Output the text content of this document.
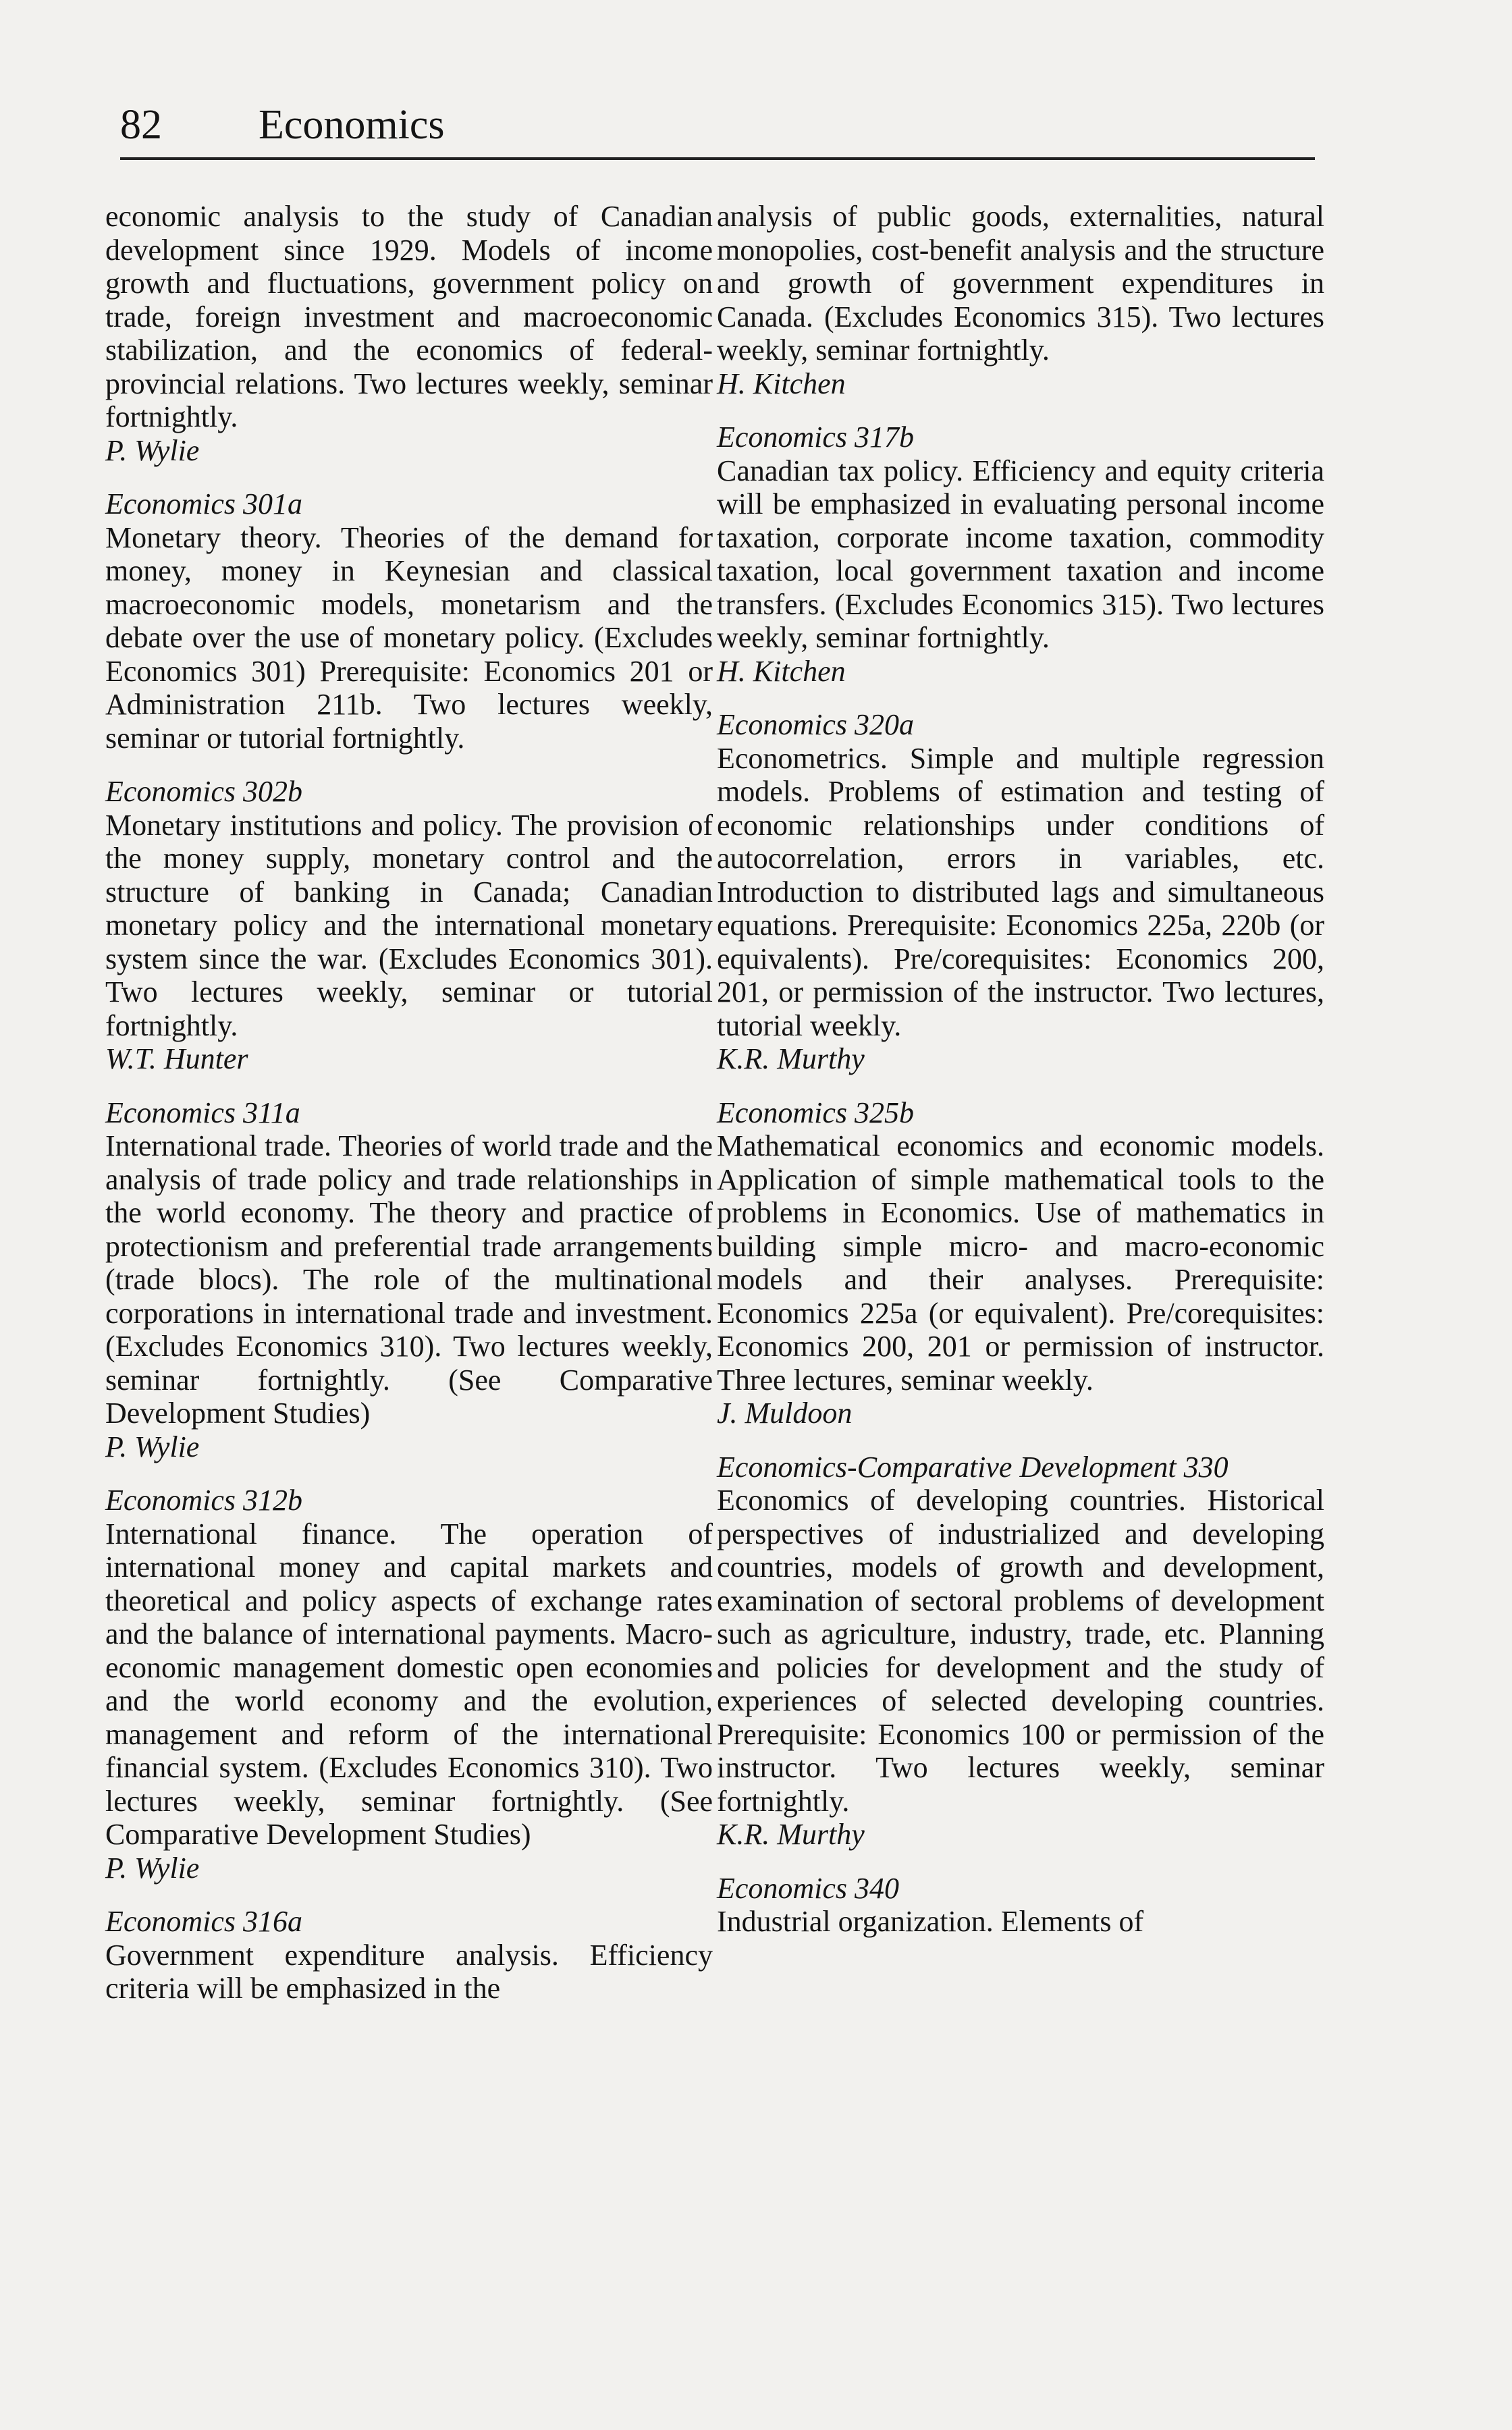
82 Economics
economic analysis to the study of Canadian development since 1929. Models of income growth and fluctuations, government policy on trade, foreign investment and macroeconomic stabilization, and the economics of federal-provincial relations. Two lectures weekly, seminar fortnightly.
P. Wylie
Economics 301a
Monetary theory. Theories of the demand for money, money in Keynesian and classical macroeconomic models, monetarism and the debate over the use of monetary policy. (Excludes Economics 301) Prerequisite: Economics 201 or Administration 211b. Two lectures weekly, seminar or tutorial fortnightly.
Economics 302b
Monetary institutions and policy. The provision of the money supply, monetary control and the structure of banking in Canada; Canadian monetary policy and the international monetary system since the war. (Excludes Economics 301). Two lectures weekly, seminar or tutorial fortnightly.
W.T. Hunter
Economics 311a
International trade. Theories of world trade and the analysis of trade policy and trade relationships in the world economy. The theory and practice of protectionism and preferential trade arrangements (trade blocs). The role of the multinational corporations in international trade and investment. (Excludes Economics 310). Two lectures weekly, seminar fortnightly. (See Comparative Development Studies)
P. Wylie
Economics 312b
International finance. The operation of international money and capital markets and theoretical and policy aspects of exchange rates and the balance of international payments. Macro-economic management domestic open economies and the world economy and the evolution, management and reform of the international financial system. (Excludes Economics 310). Two lectures weekly, seminar fortnightly. (See Comparative Development Studies)
P. Wylie
Economics 316a
Government expenditure analysis. Efficiency criteria will be emphasized in the
analysis of public goods, externalities, natural monopolies, cost-benefit analysis and the structure and growth of government expenditures in Canada. (Excludes Economics 315). Two lectures weekly, seminar fortnightly.
H. Kitchen
Economics 317b
Canadian tax policy. Efficiency and equity criteria will be emphasized in evaluating personal income taxation, corporate income taxation, commodity taxation, local government taxation and income transfers. (Excludes Economics 315). Two lectures weekly, seminar fortnightly.
H. Kitchen
Economics 320a
Econometrics. Simple and multiple regression models. Problems of estimation and testing of economic relationships under conditions of autocorrelation, errors in variables, etc. Introduction to distributed lags and simultaneous equations. Prerequisite: Economics 225a, 220b (or equivalents). Pre/corequisites: Economics 200, 201, or permission of the instructor. Two lectures, tutorial weekly.
K.R. Murthy
Economics 325b
Mathematical economics and economic models. Application of simple mathematical tools to the problems in Economics. Use of mathematics in building simple micro- and macro-economic models and their analyses. Prerequisite: Economics 225a (or equivalent). Pre/corequisites: Economics 200, 201 or permission of instructor. Three lectures, seminar weekly.
J. Muldoon
Economics-Comparative Development 330
Economics of developing countries. Historical perspectives of industrialized and developing countries, models of growth and development, examination of sectoral problems of development such as agriculture, industry, trade, etc. Planning and policies for development and the study of experiences of selected developing countries. Prerequisite: Economics 100 or permission of the instructor. Two lectures weekly, seminar fortnightly.
K.R. Murthy
Economics 340
Industrial organization. Elements of
